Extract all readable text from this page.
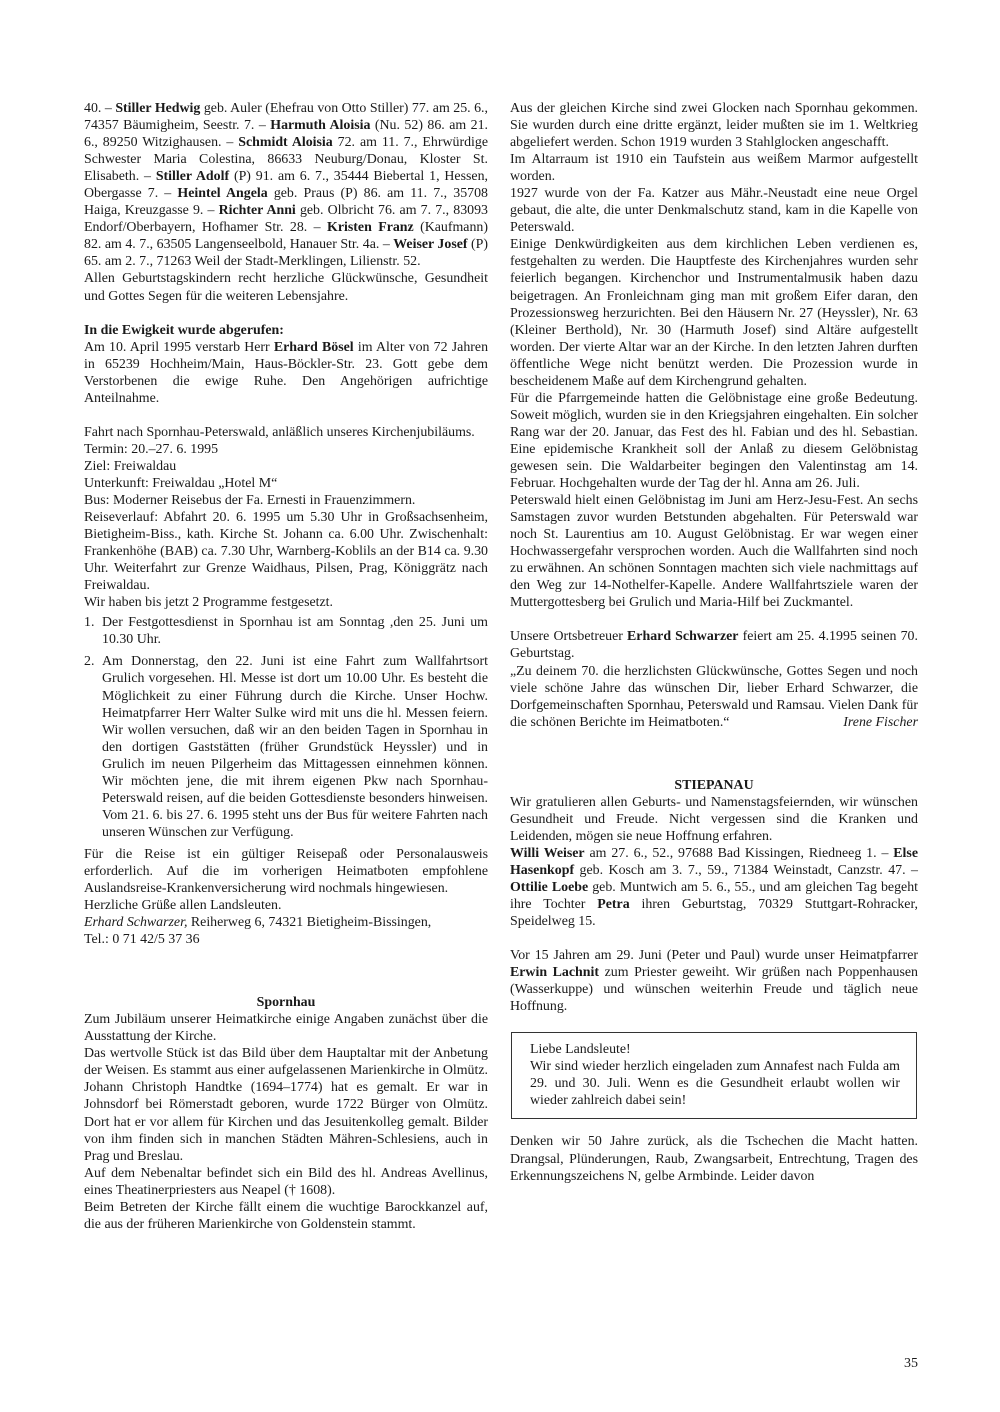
40. – Stiller Hedwig geb. Auler (Ehefrau von Otto Stiller) 77. am 25. 6., 74357 Bäumigheim, Seestr. 7. – Harmuth Aloisia (Nu. 52) 86. am 21. 6., 89250 Witzighausen. – Schmidt Aloisia 72. am 11. 7., Ehrwürdige Schwester Maria Colestina, 86633 Neuburg/Donau, Kloster St. Elisabeth. – Stiller Adolf (P) 91. am 6. 7., 35444 Biebertal 1, Hessen, Obergasse 7. – Heintel Angela geb. Praus (P) 86. am 11. 7., 35708 Haiga, Kreuzgasse 9. – Richter Anni geb. Olbricht 76. am 7. 7., 83093 Endorf/Oberbayern, Hofhamer Str. 28. – Kristen Franz (Kaufmann) 82. am 4. 7., 63505 Langenseelbold, Hanauer Str. 4a. – Weiser Josef (P) 65. am 2. 7., 71263 Weil der Stadt-Merklingen, Lilienstr. 52.

Allen Geburtstagskindern recht herzliche Glückwünsche, Gesundheit und Gottes Segen für die weiteren Lebensjahre.

In die Ewigkeit wurde abgerufen:

Am 10. April 1995 verstarb Herr Erhard Bösel im Alter von 72 Jahren in 65239 Hochheim/Main, Haus-Böckler-Str. 23. Gott gebe dem Verstorbenen die ewige Ruhe. Den Angehörigen aufrichtige Anteilnahme.

Fahrt nach Spornhau-Peterswald, anläßlich unseres Kirchenjubiläums.

Termin: 20.–27. 6. 1995

Ziel: Freiwaldau

Unterkunft: Freiwaldau „Hotel M“

Bus: Moderner Reisebus der Fa. Ernesti in Frauenzimmern.

Reiseverlauf: Abfahrt 20. 6. 1995 um 5.30 Uhr in Großsachsenheim, Bietigheim-Biss., kath. Kirche St. Johann ca. 6.00 Uhr. Zwischenhalt: Frankenhöhe (BAB) ca. 7.30 Uhr, Warnberg-Koblils an der B14 ca. 9.30 Uhr. Weiterfahrt zur Grenze Waidhaus, Pilsen, Prag, Königgrätz nach Freiwaldau.

Wir haben bis jetzt 2 Programme festgesetzt.

1. Der Festgottesdienst in Spornhau ist am Sonntag ,den 25. Juni um 10.30 Uhr.
2. Am Donnerstag, den 22. Juni ist eine Fahrt zum Wallfahrtsort Grulich vorgesehen. Hl. Messe ist dort um 10.00 Uhr. Es besteht die Möglichkeit zu einer Führung durch die Kirche. Unser Hochw. Heimatpfarrer Herr Walter Sulke wird mit uns die hl. Messen feiern. Wir wollen versuchen, daß wir an den beiden Tagen in Spornhau in den dortigen Gaststätten (früher Grundstück Heyssler) und in Grulich im neuen Pilgerheim das Mittagessen einnehmen können. Wir möchten jene, die mit ihrem eigenen Pkw nach Spornhau-Peterswald reisen, auf die beiden Gottesdienste besonders hinweisen. Vom 21. 6. bis 27. 6. 1995 steht uns der Bus für weitere Fahrten nach unseren Wünschen zur Verfügung.

Für die Reise ist ein gültiger Reisepaß oder Personalausweis erforderlich. Auf die im vorherigen Heimatboten empfohlene Auslandsreise-Krankenversicherung wird nochmals hingewiesen.

Herzliche Grüße allen Landsleuten.

Erhard Schwarzer, Reiherweg 6, 74321 Bietigheim-Bissingen,

Tel.: 0 71 42/5 37 36

Spornhau

Zum Jubiläum unserer Heimatkirche einige Angaben zunächst über die Ausstattung der Kirche.

Das wertvolle Stück ist das Bild über dem Hauptaltar mit der Anbetung der Weisen. Es stammt aus einer aufgelassenen Marienkirche in Olmütz. Johann Christoph Handtke (1694–1774) hat es gemalt. Er war in Johnsdorf bei Römerstadt geboren, wurde 1722 Bürger von Olmütz. Dort hat er vor allem für Kirchen und das Jesuitenkolleg gemalt. Bilder von ihm finden sich in manchen Städten Mähren-Schlesiens, auch in Prag und Breslau.

Auf dem Nebenaltar befindet sich ein Bild des hl. Andreas Avellinus, eines Theatinerpriesters aus Neapel († 1608).

Beim Betreten der Kirche fällt einem die wuchtige Barockkanzel auf, die aus der früheren Marienkirche von Goldenstein stammt.

Aus der gleichen Kirche sind zwei Glocken nach Spornhau gekommen. Sie wurden durch eine dritte ergänzt, leider mußten sie im 1. Weltkrieg abgeliefert werden. Schon 1919 wurden 3 Stahlglocken angeschafft.

Im Altarraum ist 1910 ein Taufstein aus weißem Marmor aufgestellt worden.

1927 wurde von der Fa. Katzer aus Mähr.-Neustadt eine neue Orgel gebaut, die alte, die unter Denkmalschutz stand, kam in die Kapelle von Peterswald.

Einige Denkwürdigkeiten aus dem kirchlichen Leben verdienen es, festgehalten zu werden. Die Hauptfeste des Kirchenjahres wurden sehr feierlich begangen. Kirchenchor und Instrumentalmusik haben dazu beigetragen. An Fronleichnam ging man mit großem Eifer daran, den Prozessionsweg herzurichten. Bei den Häusern Nr. 27 (Heyssler), Nr. 63 (Kleiner Berthold), Nr. 30 (Harmuth Josef) sind Altäre aufgestellt worden. Der vierte Altar war an der Kirche. In den letzten Jahren durften öffentliche Wege nicht benützt werden. Die Prozession wurde in bescheidenem Maße auf dem Kirchengrund gehalten.

Für die Pfarrgemeinde hatten die Gelöbnistage eine große Bedeutung. Soweit möglich, wurden sie in den Kriegsjahren eingehalten. Ein solcher Rang war der 20. Januar, das Fest des hl. Fabian und des hl. Sebastian. Eine epidemische Krankheit soll der Anlaß zu diesem Gelöbnistag gewesen sein. Die Waldarbeiter begingen den Valentinstag am 14. Februar. Hochgehalten wurde der Tag der hl. Anna am 26. Juli.

Peterswald hielt einen Gelöbnistag im Juni am Herz-Jesu-Fest. An sechs Samstagen zuvor wurden Betstunden abgehalten. Für Peterswald war noch St. Laurentius am 10. August Gelöbnistag. Er war wegen einer Hochwassergefahr versprochen worden. Auch die Wallfahrten sind noch zu erwähnen. An schönen Sonntagen machten sich viele nachmittags auf den Weg zur 14-Nothelfer-Kapelle. Andere Wallfahrtsziele waren der Muttergottesberg bei Grulich und Maria-Hilf bei Zuckmantel.

Unsere Ortsbetreuer Erhard Schwarzer feiert am 25. 4.1995 seinen 70. Geburtstag.

„Zu deinem 70. die herzlichsten Glückwünsche, Gottes Segen und noch viele schöne Jahre das wünschen Dir, lieber Erhard Schwarzer, die Dorfgemeinschaften Spornhau, Peterswald und Ramsau. Vielen Dank für die schönen Berichte im Heimatboten.“	Irene Fischer

STIEPANAU

Wir gratulieren allen Geburts- und Namenstagsfeiernden, wir wünschen Gesundheit und Freude. Nicht vergessen sind die Kranken und Leidenden, mögen sie neue Hoffnung erfahren.

Willi Weiser am 27. 6., 52., 97688 Bad Kissingen, Riedneeg 1. – Else Hasenkopf geb. Kosch am 3. 7., 59., 71384 Weinstadt, Canzstr. 47. – Ottilie Loebe geb. Muntwich am 5. 6., 55., und am gleichen Tag begeht ihre Tochter Petra ihren Geburtstag, 70329 Stuttgart-Rohracker, Speidelweg 15.

Vor 15 Jahren am 29. Juni (Peter und Paul) wurde unser Heimatpfarrer Erwin Lachnit zum Priester geweiht. Wir grüßen nach Poppenhausen (Wasserkuppe) und wünschen weiterhin Freude und täglich neue Hoffnung.

Liebe Landsleute!

Wir sind wieder herzlich eingeladen zum Annafest nach Fulda am 29. und 30. Juli. Wenn es die Gesundheit erlaubt wollen wir wieder zahlreich dabei sein!

Denken wir 50 Jahre zurück, als die Tschechen die Macht hatten. Drangsal, Plünderungen, Raub, Zwangsarbeit, Entrechtung, Tragen des Erkennungszeichens N, gelbe Armbinde. Leider davon

35
